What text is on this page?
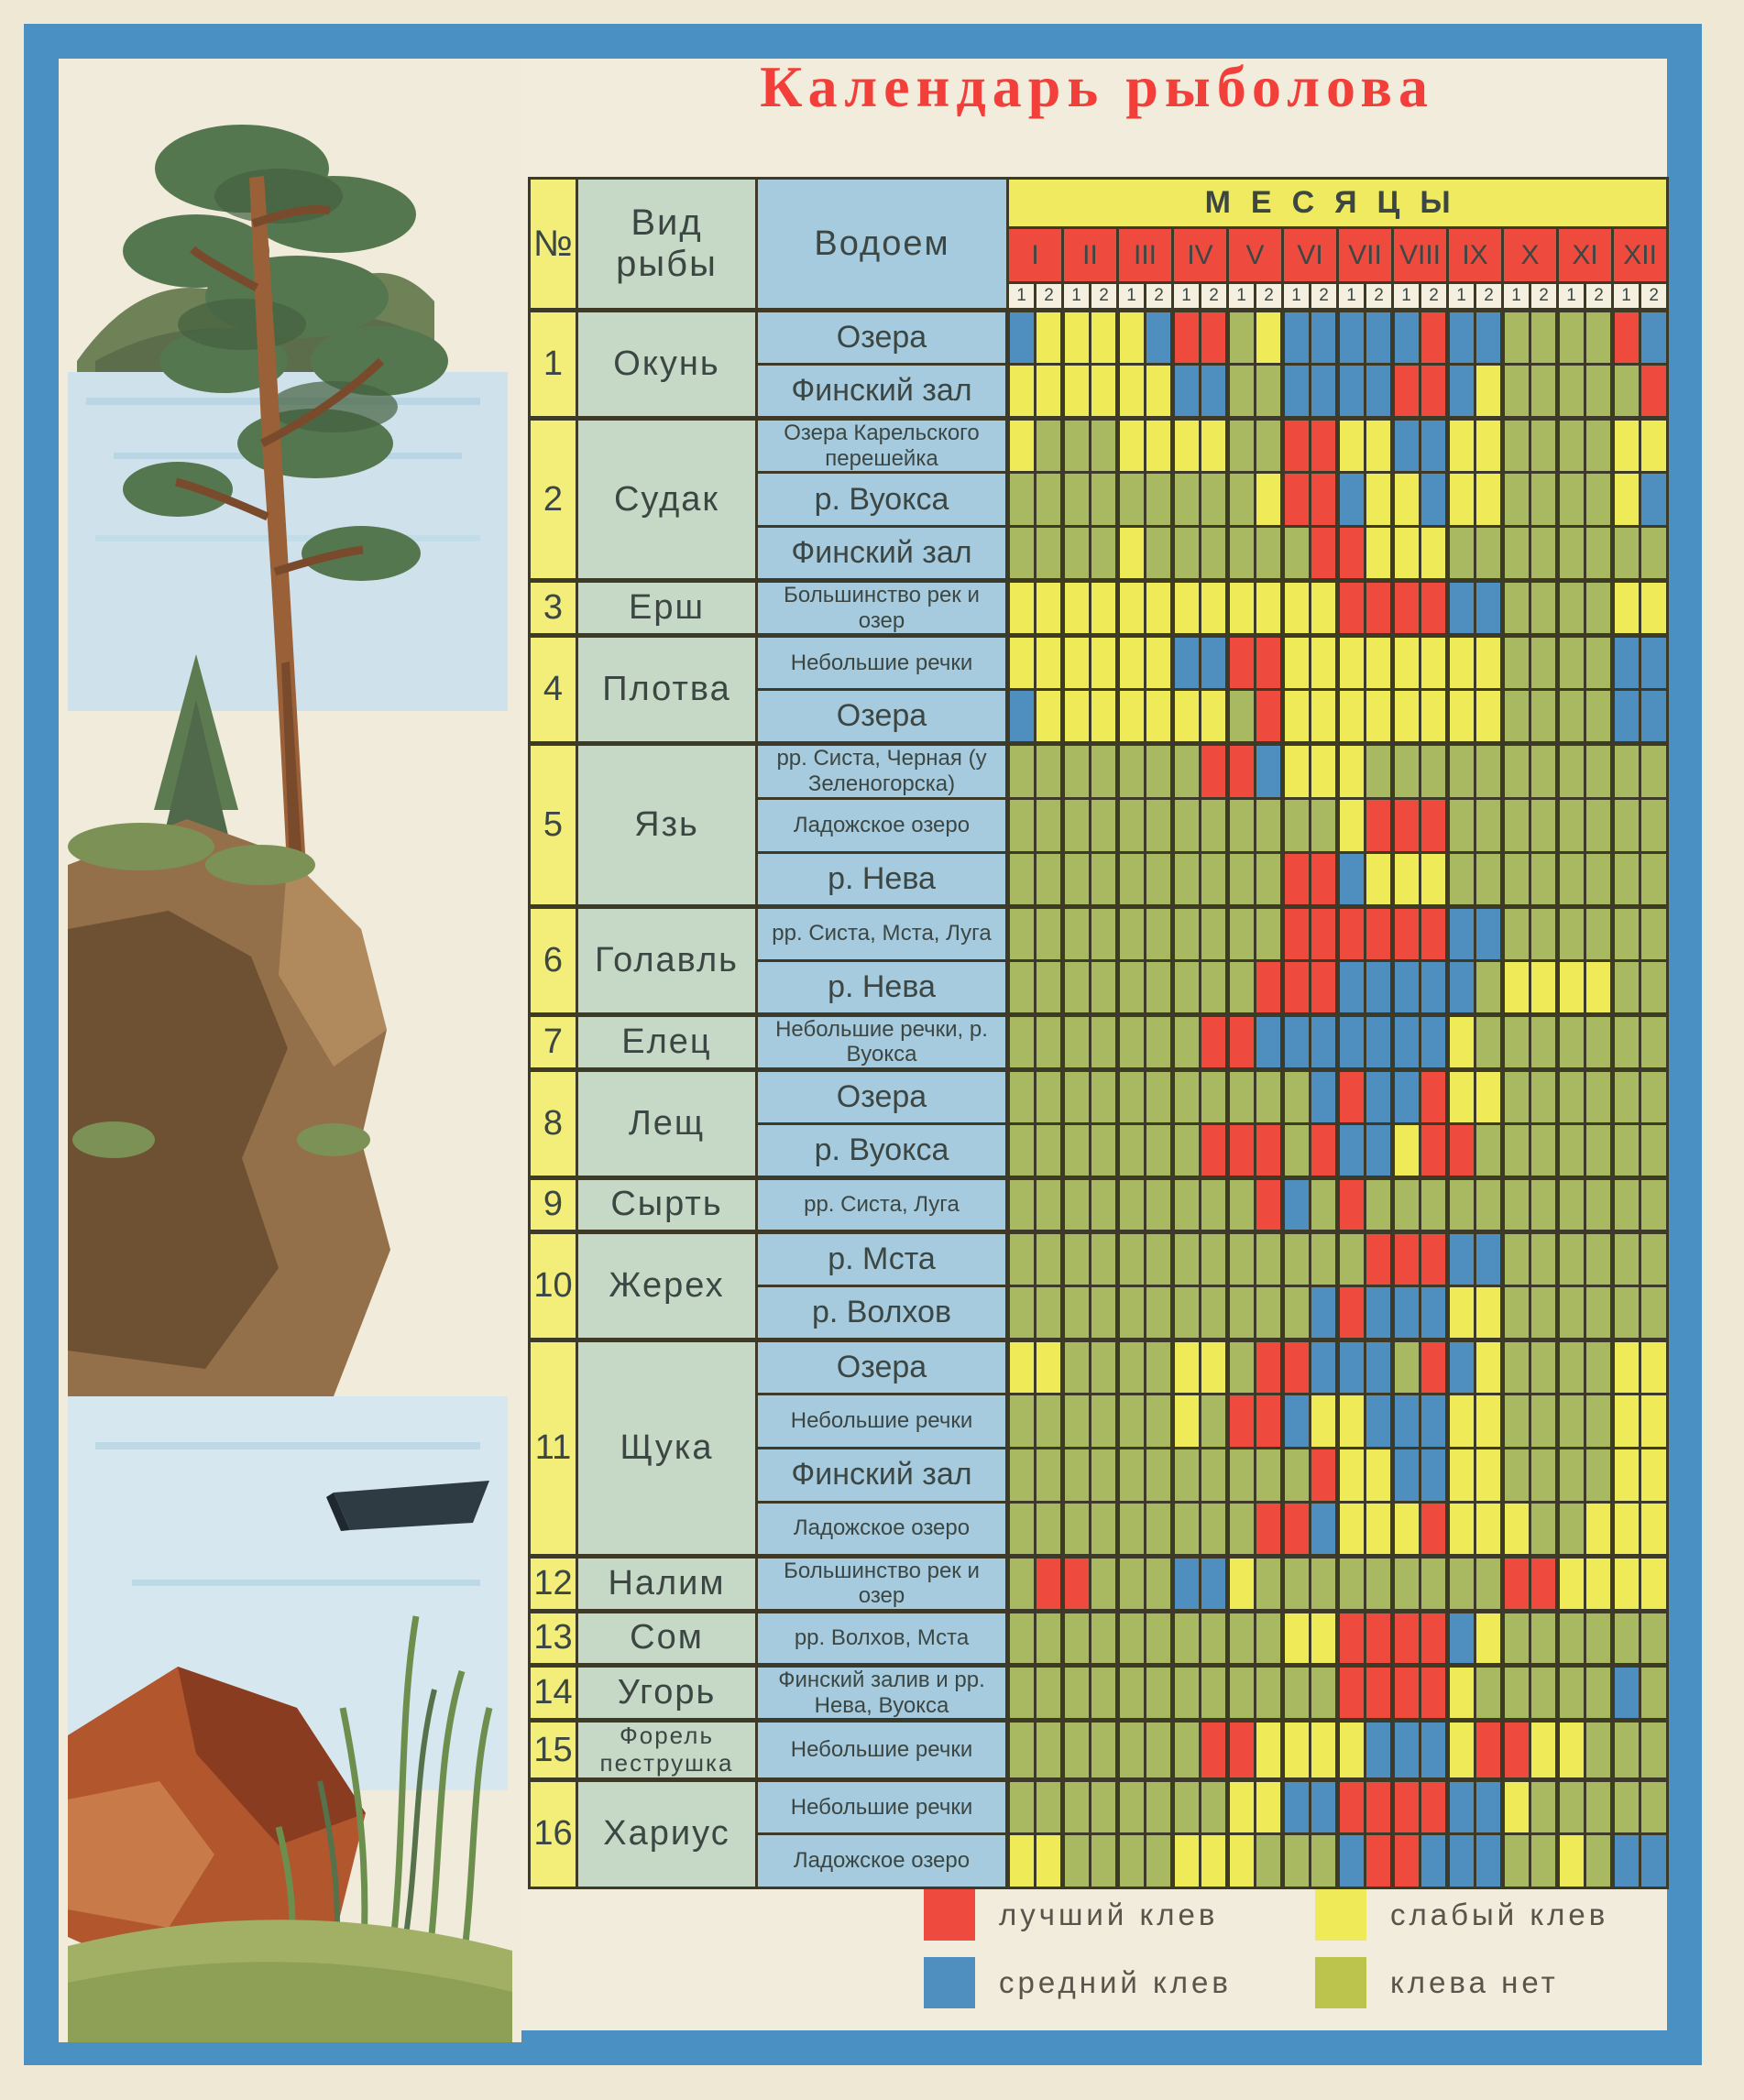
Календарь рыболова
№	Вид рыбы	Водоем	МЕСЯЦЫ																							
			I		II		III		IV		V		VI		VII		VIII		IX		X		XI		XII	
			1	2	1	2	1	2	1	2	1	2	1	2	1	2	1	2	1	2	1	2	1	2	1	2
1	Окунь	Озера																								
		Финский зал																								
2	Судак	Озера Карельского перешейка																								
		р. Вуокса																								
		Финский зал																								
3	Ерш	Большинство рек и озер																								
4	Плотва	Небольшие речки																								
		Озера																								
5	Язь	рр. Систа, Черная (у Зеленогорска)																								
		Ладожское озеро																								
		р. Нева																								
6	Голавль	рр. Систа, Мста, Луга																								
		р. Нева																								
7	Елец	Небольшие речки, р. Вуокса																								
8	Лещ	Озера																								
		р. Вуокса																								
9	Сырть	рр. Систа, Луга																								
10	Жерех	р. Мста																								
		р. Волхов																								
11	Щука	Озера																								
		Небольшие речки																								
		Финский зал																								
		Ладожское озеро																								
12	Налим	Большинство рек и озер																								
13	Сом	рр. Волхов, Мста																								
14	Угорь	Финский залив и рр. Нева, Вуокса																								
15	Форель пеструшка	Небольшие речки																								
16	Хариус	Небольшие речки																								
		Ладожское озеро																								
лучший клев
средний клев
слабый клев
клева нет
